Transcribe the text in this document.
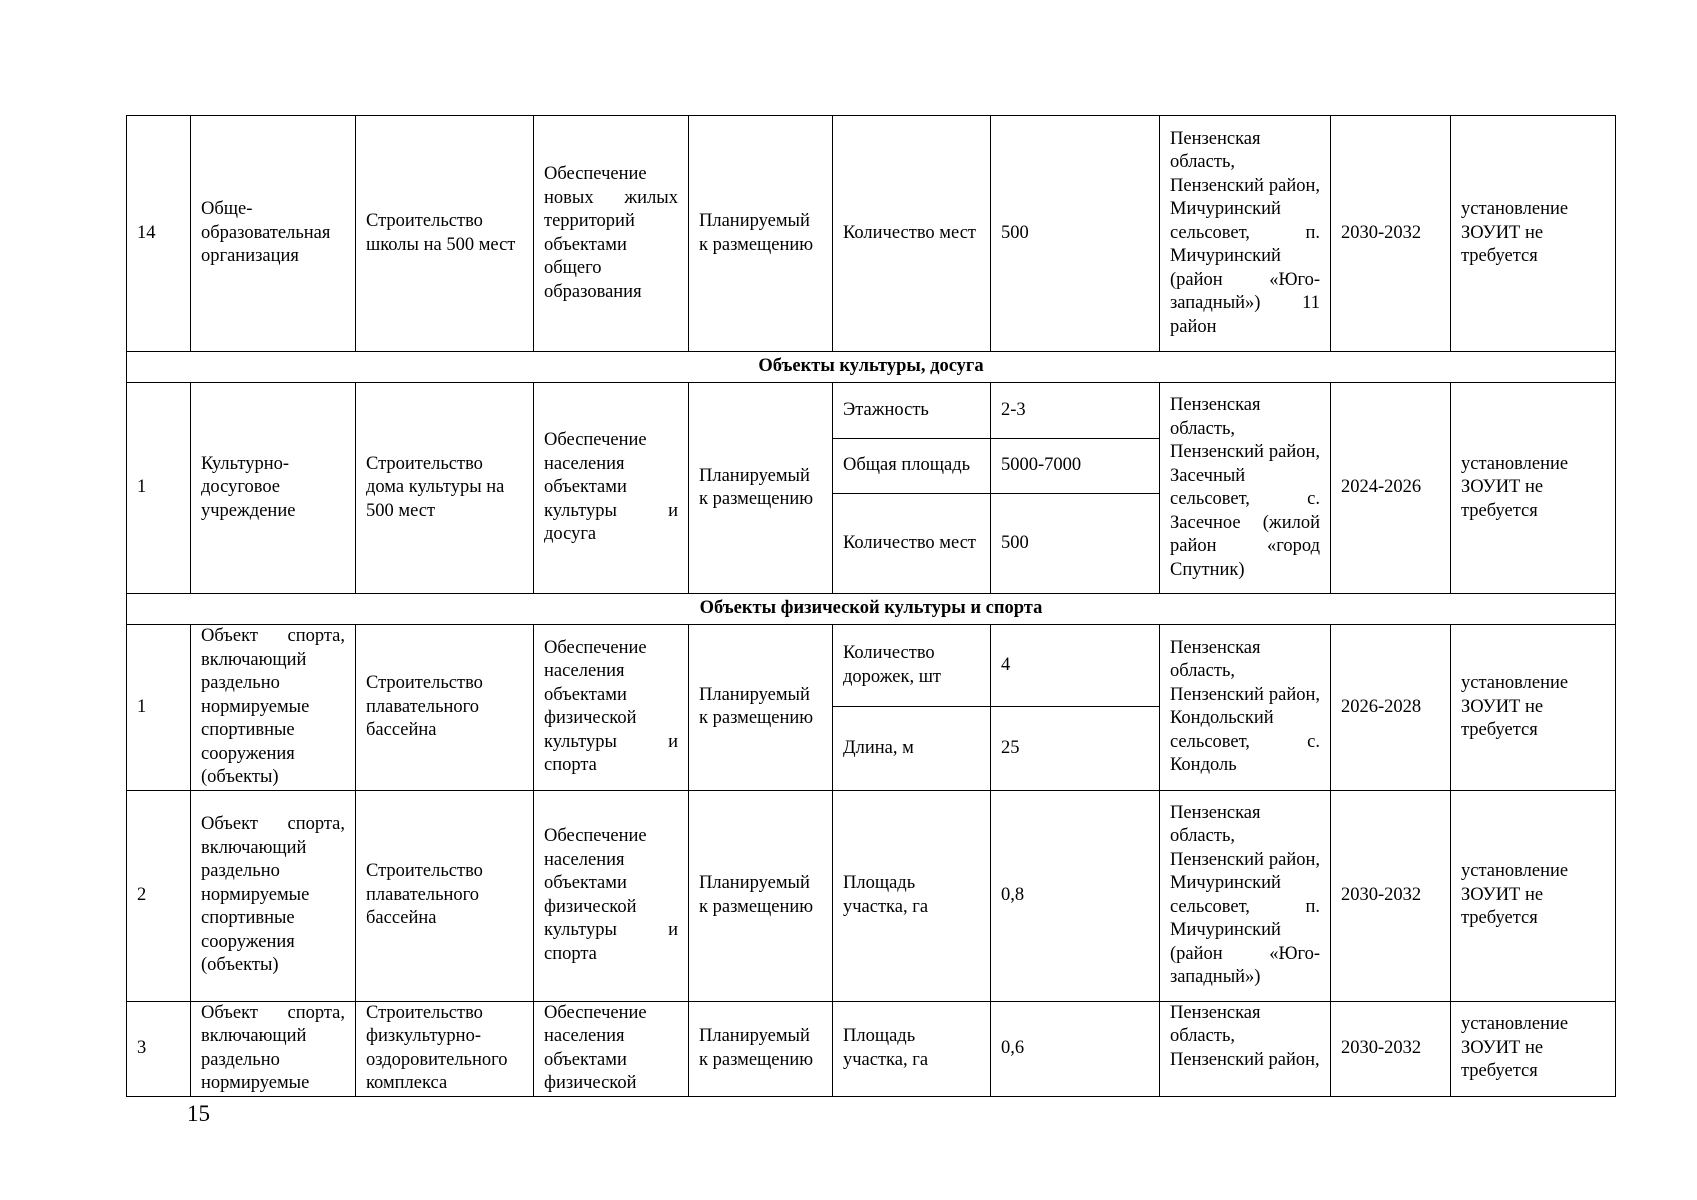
14	Обще-образовательная организация	Строительство школы на 500 мест	Обеспечение новых жилых территорий объектами общего образования	Планируемый к размещению	Количество мест	500	Пензенская область, Пензенский район, Мичуринский сельсовет, п. Мичуринский (район «Юго-западный») 11 район	2030-2032	установление ЗОУИТ не требуется
Объекты культуры, досуга									
1	Культурно-досуговое учреждение	Строительство дома культуры на 500 мест	Обеспечение населения объектами культуры и досуга	Планируемый к размещению	Этажность	2-3	Пензенская область, Пензенский район, Засечный сельсовет, с. Засечное (жилой район «город Спутник)	2024-2026	установление ЗОУИТ не требуется
					Общая площадь	5000-7000			
					Количество мест	500			
Объекты физической культуры и спорта									
1	Объект спорта, включающий раздельно нормируемые спортивные сооружения (объекты)	Строительство плавательного бассейна	Обеспечение населения объектами физической культуры и спорта	Планируемый к размещению	Количество дорожек, шт	4	Пензенская область, Пензенский район, Кондольский сельсовет, с. Кондоль	2026-2028	установление ЗОУИТ не требуется
					Длина, м	25			
2	Объект спорта, включающий раздельно нормируемые спортивные сооружения (объекты)	Строительство плавательного бассейна	Обеспечение населения объектами физической культуры и спорта	Планируемый к размещению	Площадь участка, га	0,8	Пензенская область, Пензенский район, Мичуринский сельсовет, п. Мичуринский (район «Юго-западный»)	2030-2032	установление ЗОУИТ не требуется
3	Объект спорта, включающий раздельно нормируемые	Строительство физкультурно-оздоровительного комплекса	Обеспечение населения объектами физической	Планируемый к размещению	Площадь участка, га	0,6	Пензенская область, Пензенский район,	2030-2032	установление ЗОУИТ не требуется
15
